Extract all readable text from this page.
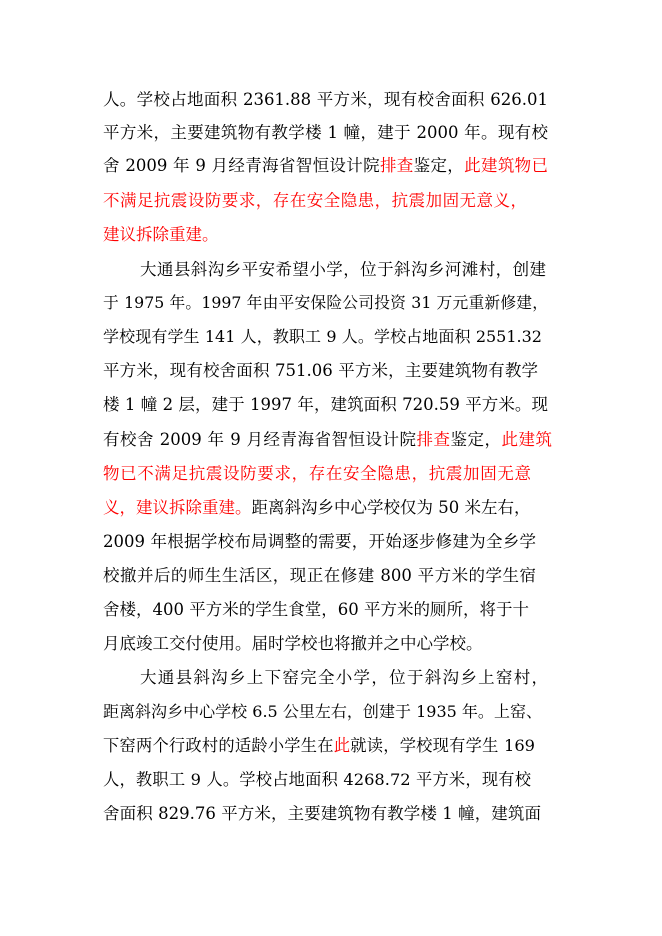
人。学校占地面积 2361.88 平方米，现有校舍面积 626.01
平方米，主要建筑物有教学楼 1 幢，建于 2000 年。现有校
舍 2009 年 9 月经青海省智恒设计院排查鉴定，此建筑物已
不满足抗震设防要求，存在安全隐患，抗震加固无意义，
建议拆除重建。
大通县斜沟乡平安希望小学，位于斜沟乡河滩村，创建
于 1975 年。1997 年由平安保险公司投资 31 万元重新修建，
学校现有学生 141 人，教职工 9 人。学校占地面积 2551.32
平方米，现有校舍面积 751.06 平方米，主要建筑物有教学
楼 1 幢 2 层，建于 1997 年，建筑面积 720.59 平方米。现
有校舍 2009 年 9 月经青海省智恒设计院排查鉴定，此建筑
物已不满足抗震设防要求，存在安全隐患，抗震加固无意
义，建议拆除重建。距离斜沟乡中心学校仅为 50 米左右，
2009 年根据学校布局调整的需要，开始逐步修建为全乡学
校撤并后的师生生活区，现正在修建 800 平方米的学生宿
舍楼，400 平方米的学生食堂，60 平方米的厕所，将于十
月底竣工交付使用。届时学校也将撤并之中心学校。
大通县斜沟乡上下窑完全小学，位于斜沟乡上窑村，
距离斜沟乡中心学校 6.5 公里左右，创建于 1935 年。上窑、
下窑两个行政村的适龄小学生在此就读，学校现有学生 169
人，教职工 9 人。学校占地面积 4268.72 平方米，现有校
舍面积 829.76 平方米，主要建筑物有教学楼 1 幢，建筑面
